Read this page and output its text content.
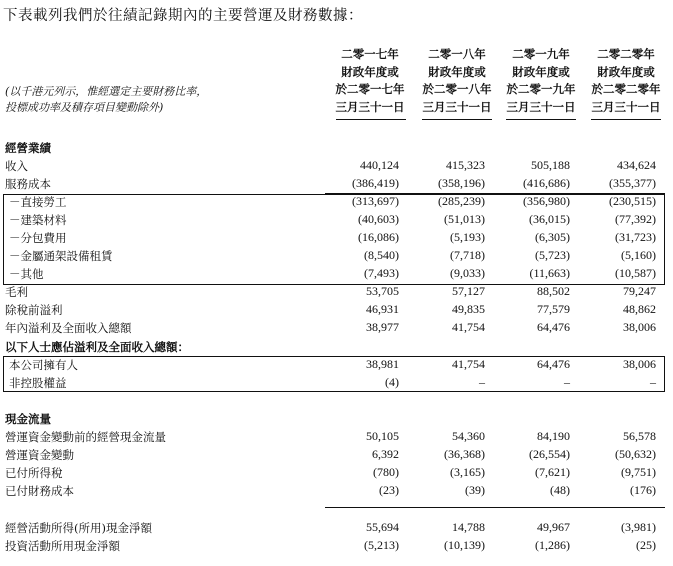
下表載列我們於往績記錄期內的主要營運及財務數據：
二零一七年
財政年度或
於二零一七年
三月三十一日
二零一八年
財政年度或
於二零一八年
三月三十一日
二零一九年
財政年度或
於二零一九年
三月三十一日
二零二零年
財政年度或
於二零二零年
三月三十一日
(以千港元列示，惟經選定主要財務比率，
投標成功率及積存項目變動除外)
經營業績
收入	440,124	415,323	505,188	434,624
服務成本	(386,419)	(358,196)	(416,686)	(355,377)
－直接勞工	(313,697)	(285,239)	(356,980)	(230,515)
－建築材料	(40,603)	(51,013)	(36,015)	(77,392)
－分包費用	(16,086)	(5,193)	(6,305)	(31,723)
－金屬通架設備租賃	(8,540)	(7,718)	(5,723)	(5,160)
－其他	(7,493)	(9,033)	(11,663)	(10,587)
毛利	53,705	57,127	88,502	79,247
除稅前溢利	46,931	49,835	77,579	48,862
年內溢利及全面收入總額	38,977	41,754	64,476	38,006
以下人士應佔溢利及全面收入總額：
本公司擁有人	38,981	41,754	64,476	38,006
非控股權益	(4)	–	–	–
現金流量
營運資金變動前的經營現金流量	50,105	54,360	84,190	56,578
營運資金變動	6,392	(36,368)	(26,554)	(50,632)
已付所得稅	(780)	(3,165)	(7,621)	(9,751)
已付財務成本	(23)	(39)	(48)	(176)
經營活動所得(所用)現金淨額	55,694	14,788	49,967	(3,981)
投資活動所用現金淨額	(5,213)	(10,139)	(1,286)	(25)
